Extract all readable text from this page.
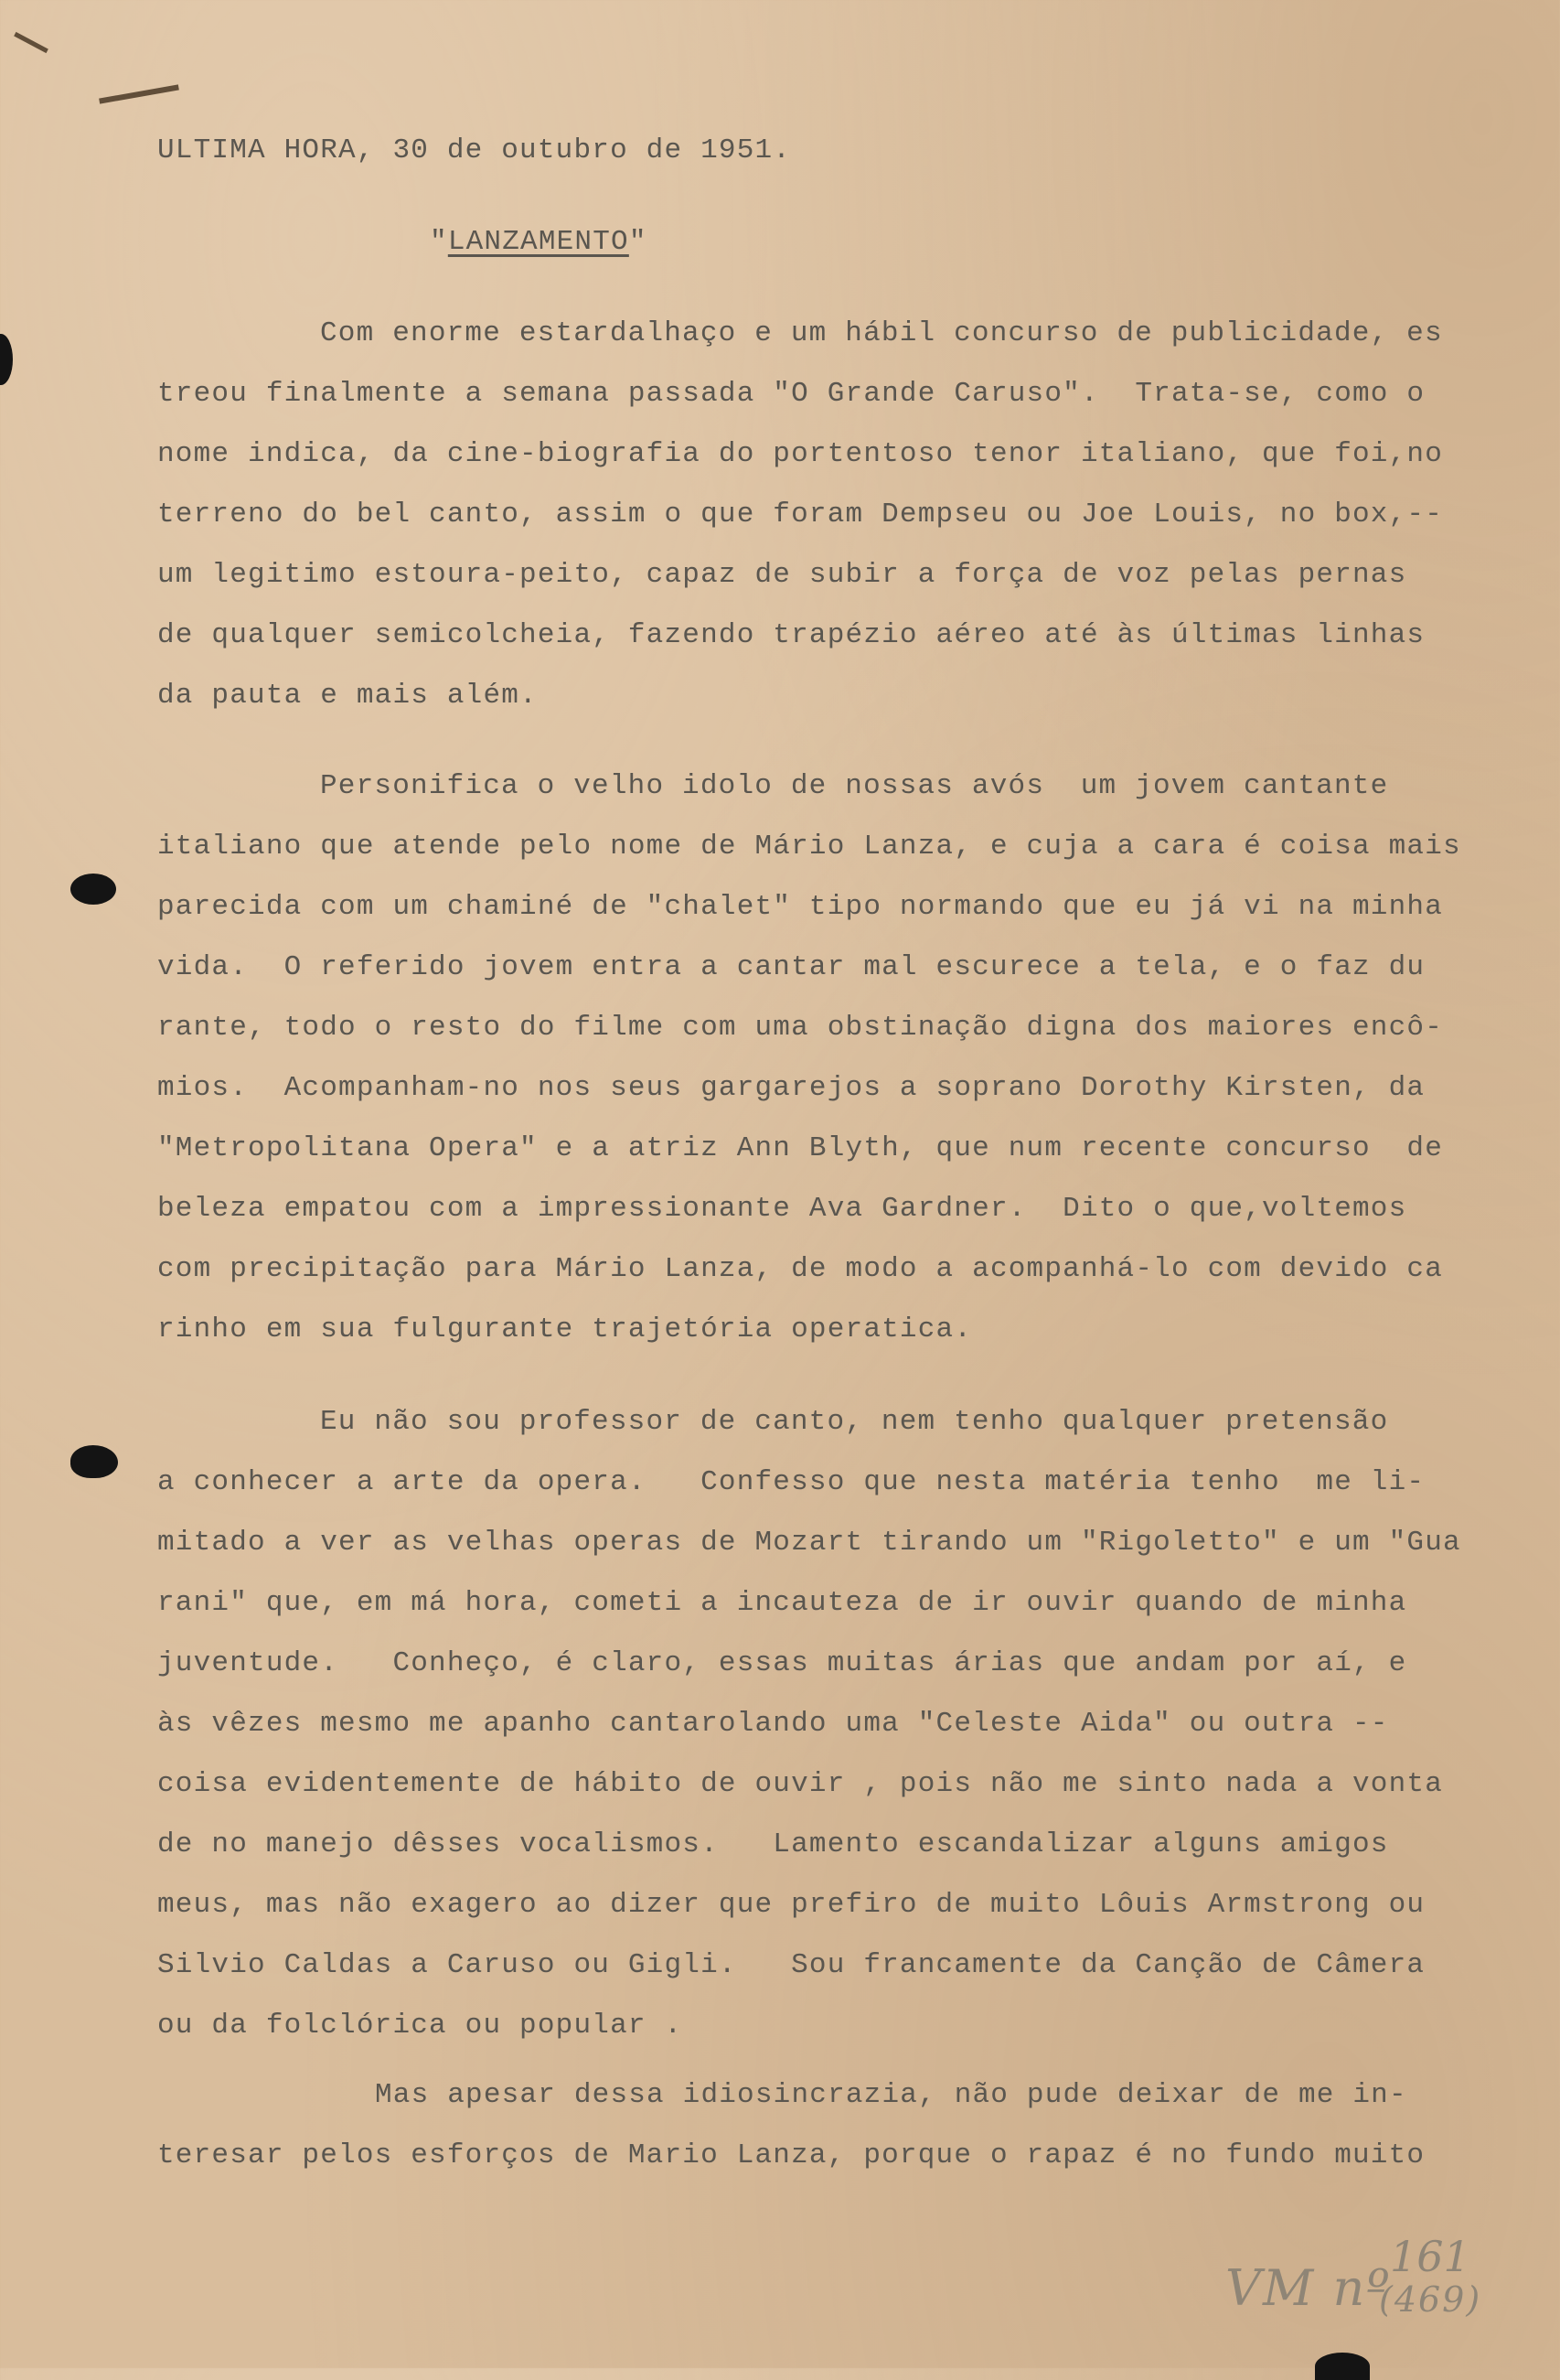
ULTIMA HORA, 30 de outubro de 1951.
"LANZAMENTO"
Com enorme estardalhaço e um hábil concurso de publicidade, es
treou finalmente a semana passada "O Grande Caruso".  Trata-se, como o
nome indica, da cine-biografia do portentoso tenor italiano, que foi,no
terreno do bel canto, assim o que foram Dempseu ou Joe Louis, no box,--
um legitimo estoura-peito, capaz de subir a força de voz pelas pernas
de qualquer semicolcheia, fazendo trapézio aéreo até às últimas linhas
da pauta e mais além.
Personifica o velho idolo de nossas avós  um jovem cantante
italiano que atende pelo nome de Mário Lanza, e cuja a cara é coisa mais
parecida com um chaminé de "chalet" tipo normando que eu já vi na minha
vida.  O referido jovem entra a cantar mal escurece a tela, e o faz du
rante, todo o resto do filme com uma obstinação digna dos maiores encô-
mios.  Acompanham-no nos seus gargarejos a soprano Dorothy Kirsten, da
"Metropolitana Opera" e a atriz Ann Blyth, que num recente concurso  de
beleza empatou com a impressionante Ava Gardner.  Dito o que,voltemos
com precipitação para Mário Lanza, de modo a acompanhá-lo com devido ca
rinho em sua fulgurante trajetória operatica.
Eu não sou professor de canto, nem tenho qualquer pretensão
a conhecer a arte da opera.   Confesso que nesta matéria tenho  me li-
mitado a ver as velhas operas de Mozart tirando um "Rigoletto" e um "Gua
rani" que, em má hora, cometi a incauteza de ir ouvir quando de minha
juventude.   Conheço, é claro, essas muitas árias que andam por aí, e
às vêzes mesmo me apanho cantarolando uma "Celeste Aida" ou outra --
coisa evidentemente de hábito de ouvir , pois não me sinto nada a vonta
de no manejo dêsses vocalismos.   Lamento escandalizar alguns amigos
meus, mas não exagero ao dizer que prefiro de muito Lôuis Armstrong ou
Silvio Caldas a Caruso ou Gigli.   Sou francamente da Canção de Câmera
ou da folclórica ou popular .
Mas apesar dessa idiosincrazia, não pude deixar de me in-
teresar pelos esforços de Mario Lanza, porque o rapaz é no fundo muito
VM nº
161
(469)
